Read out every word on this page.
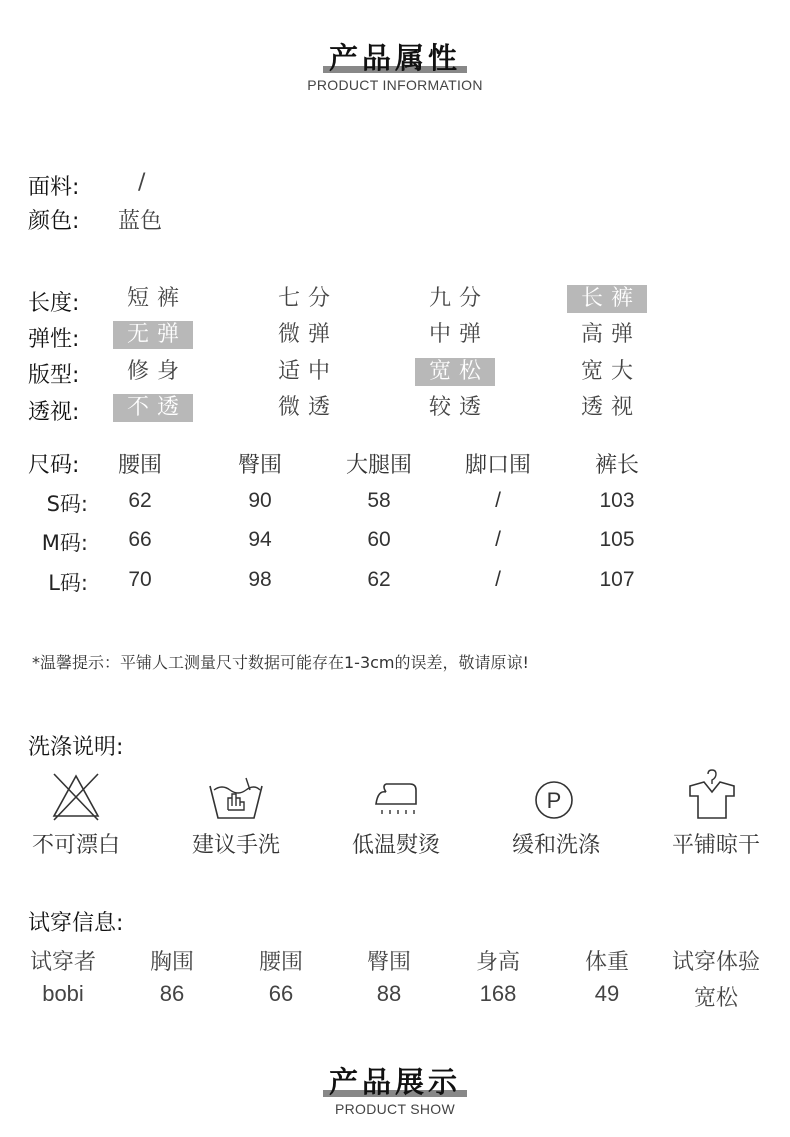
产品属性
PRODUCT INFORMATION
面料:	/
颜色: 蓝色
长度:	短裤	七分	九分	长裤
弹性:	无弹	微弹	中弹	高弹
版型:	修身	适中	宽松	宽大
透视:	不透	微透	较透	透视
尺码:	腰围	臀围	大腿围	脚口围	裤长
S码:	62	90	58	/	103
M码:	66	94	60	/	105
L码:	70	98	62	/	107
*温馨提示：平铺人工测量尺寸数据可能存在1-3cm的误差，敬请原谅!
洗涤说明:
P
不可漂白	建议手洗	低温熨烫	缓和洗涤	平铺晾干
试穿信息:
试穿者	胸围	腰围	臀围	身高	体重	试穿体验
bobi	86	66	88	168	49	宽松
产品展示
PRODUCT SHOW
